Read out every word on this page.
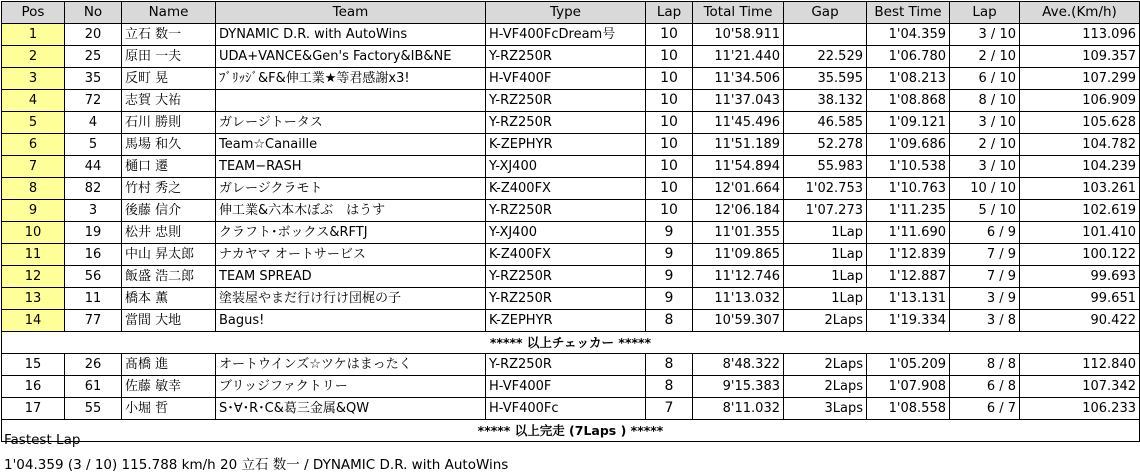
Pos	No	Name	Team	Type	Lap	Total Time	Gap	Best Time	Lap	Ave.(Km/h)
1	20	立石 数一	DYNAMIC D.R. with AutoWins	H-VF400FcDream号	10	10'58.911		1'04.359	3 / 10	113.096
2	25	原田 一夫	UDA+VANCE&Gen's Factory&IB&NE	Y-RZ250R	10	11'21.440	22.529	1'06.780	2 / 10	109.357
3	35	反町 晃	ﾌﾞﾘｯｼﾞ&F&伸工業★等君感謝x3!	H-VF400F	10	11'34.506	35.595	1'08.213	6 / 10	107.299
4	72	志賀 大祐		Y-RZ250R	10	11'37.043	38.132	1'08.868	8 / 10	106.909
5	4	石川 勝則	ガレージトータス	Y-RZ250R	10	11'45.496	46.585	1'09.121	3 / 10	105.628
6	5	馬場 和久	Team☆Canaille	K-ZEPHYR	10	11'51.189	52.278	1'09.686	2 / 10	104.782
7	44	樋口 遷	TEAM−RASH	Y-XJ400	10	11'54.894	55.983	1'10.538	3 / 10	104.239
8	82	竹村 秀之	ガレージクラモト	K-Z400FX	10	12'01.664	1'02.753	1'10.763	10 / 10	103.261
9	3	後藤 信介	伸工業&六本木ぼぶ　はうす	Y-RZ250R	10	12'06.184	1'07.273	1'11.235	5 / 10	102.619
10	19	松井 忠則	クラフト･ボックス&RFTJ	Y-XJ400	9	11'01.355	1Lap	1'11.690	6 / 9	101.410
11	16	中山 昇太郎	ナカヤマ オートサービス	K-Z400FX	9	11'09.865	1Lap	1'12.839	7 / 9	100.122
12	56	飯盛 浩二郎	TEAM SPREAD	Y-RZ250R	9	11'12.746	1Lap	1'12.887	7 / 9	99.693
13	11	橋本 薫	塗装屋やまだ行け行け団梶の子	Y-RZ250R	9	11'13.032	1Lap	1'13.131	3 / 9	99.651
14	77	當間 大地	Bagus!	K-ZEPHYR	8	10'59.307	2Laps	1'19.334	3 / 8	90.422
***** 以上チェッカー *****										
15	26	髙橋 進	オートウインズ☆ツケはまったく	Y-RZ250R	8	8'48.322	2Laps	1'05.209	8 / 8	112.840
16	61	佐藤 敏幸	ブリッジファクトリー	H-VF400F	8	9'15.383	2Laps	1'07.908	6 / 8	107.342
17	55	小堀 哲	S･∀･R･C&葛三金属&QW	H-VF400Fc	7	8'11.032	3Laps	1'08.558	6 / 7	106.233
***** 以上完走 (7Laps ) *****										
Fastest Lap
1'04.359 (3 / 10) 115.788 km/h 20 立石 数一 / DYNAMIC D.R. with AutoWins
